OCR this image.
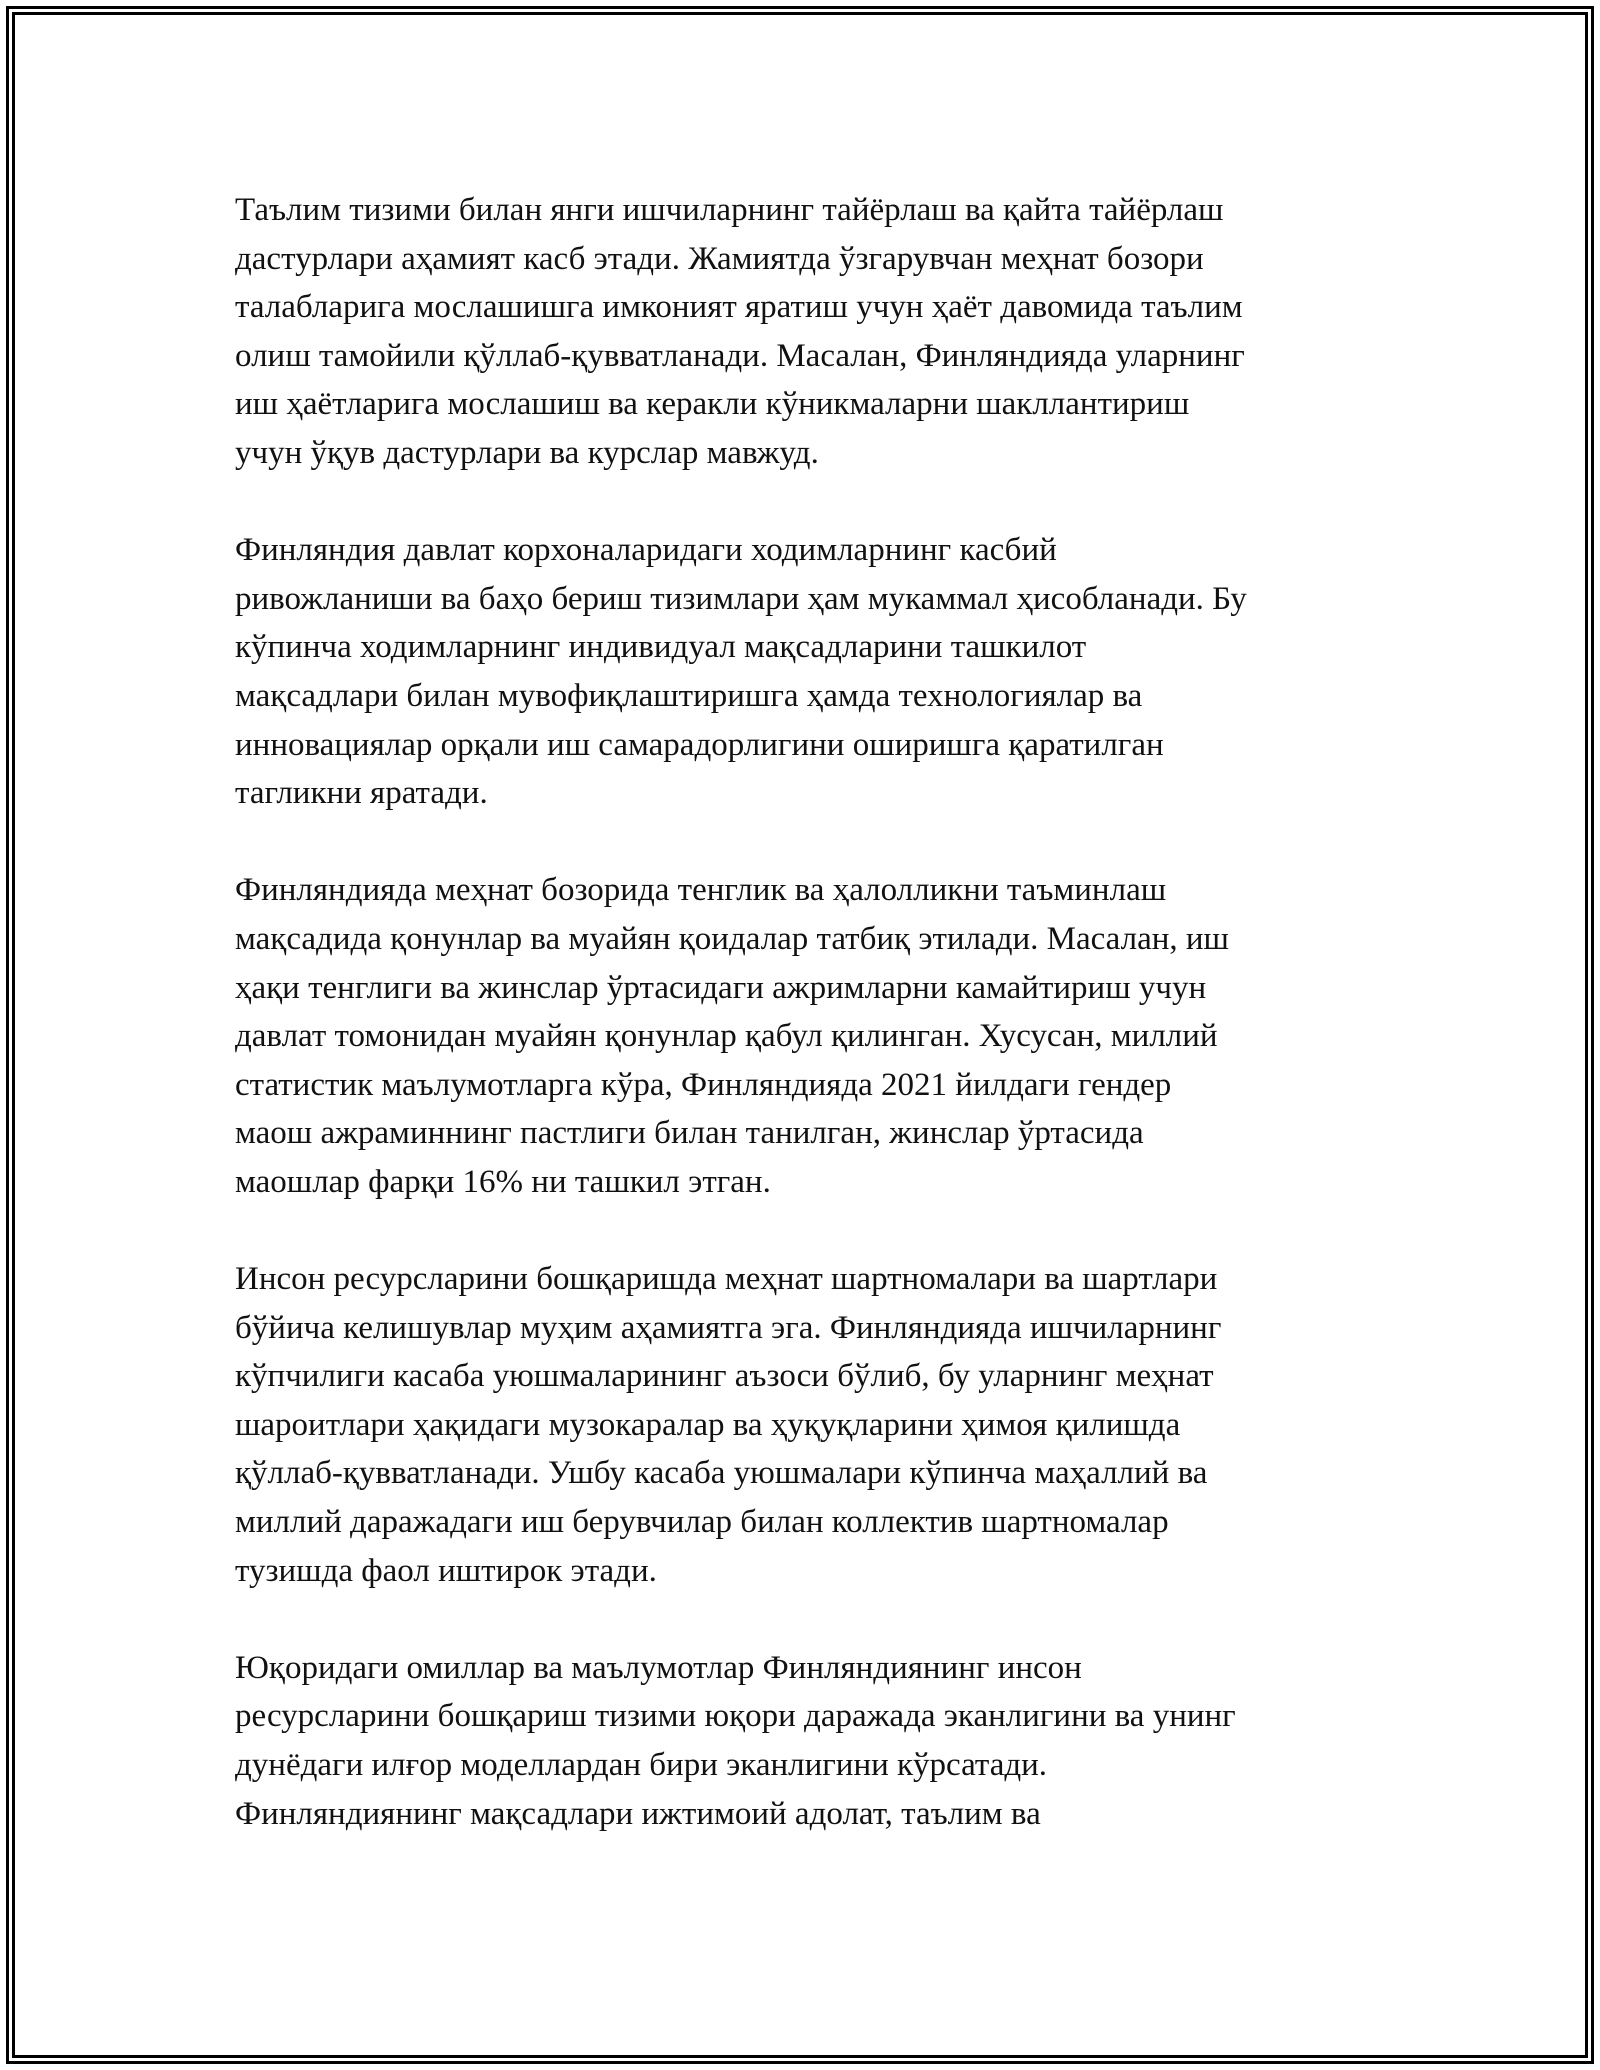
Таълим тизими билан янги ишчиларнинг тайёрлаш ва қайта тайёрлаш
дастурлари аҳамият касб этади. Жамиятда ўзгарувчан меҳнат бозори
талабларига мослашишга имконият яратиш учун ҳаёт давомида таълим
олиш тамойили қўллаб-қувватланади. Масалан, Финляндияда уларнинг
иш ҳаётларига мослашиш ва керакли кўникмаларни шакллантириш
учун ўқув дастурлари ва курслар мавжуд.

Финляндия давлат корхоналаридаги ходимларнинг касбий
ривожланиши ва баҳо бериш тизимлари ҳам мукаммал ҳисобланади. Бу
кўпинча ходимларнинг индивидуал мақсадларини ташкилот
мақсадлари билан мувофиқлаштиришга ҳамда технологиялар ва
инновациялар орқали иш самарадорлигини оширишга қаратилган
тагликни яратади.

Финляндияда меҳнат бозорида тенглик ва ҳалолликни таъминлаш
мақсадида қонунлар ва муайян қоидалар татбиқ этилади. Масалан, иш
ҳақи тенглиги ва жинслар ўртасидаги ажримларни камайтириш учун
давлат томонидан муайян қонунлар қабул қилинган. Хусусан, миллий
статистик маълумотларга кўра, Финляндияда 2021 йилдаги гендер
маош ажраминнинг пастлиги билан танилган, жинслар ўртасида
маошлар фарқи 16% ни ташкил этган.

Инсон ресурсларини бошқаришда меҳнат шартномалари ва шартлари
бўйича келишувлар муҳим аҳамиятга эга. Финляндияда ишчиларнинг
кўпчилиги касаба уюшмаларининг аъзоси бўлиб, бу уларнинг меҳнат
шароитлари ҳақидаги музокаралар ва ҳуқуқларини ҳимоя қилишда
қўллаб-қувватланади. Ушбу касаба уюшмалари кўпинча маҳаллий ва
миллий даражадаги иш берувчилар билан коллектив шартномалар
тузишда фаол иштирок этади.

Юқоридаги омиллар ва маълумотлар Финляндиянинг инсон
ресурсларини бошқариш тизими юқори даражада эканлигини ва унинг
дунёдаги илғор моделлардан бири эканлигини кўрсатади.
Финляндиянинг мақсадлари ижтимоий адолат, таълим ва
